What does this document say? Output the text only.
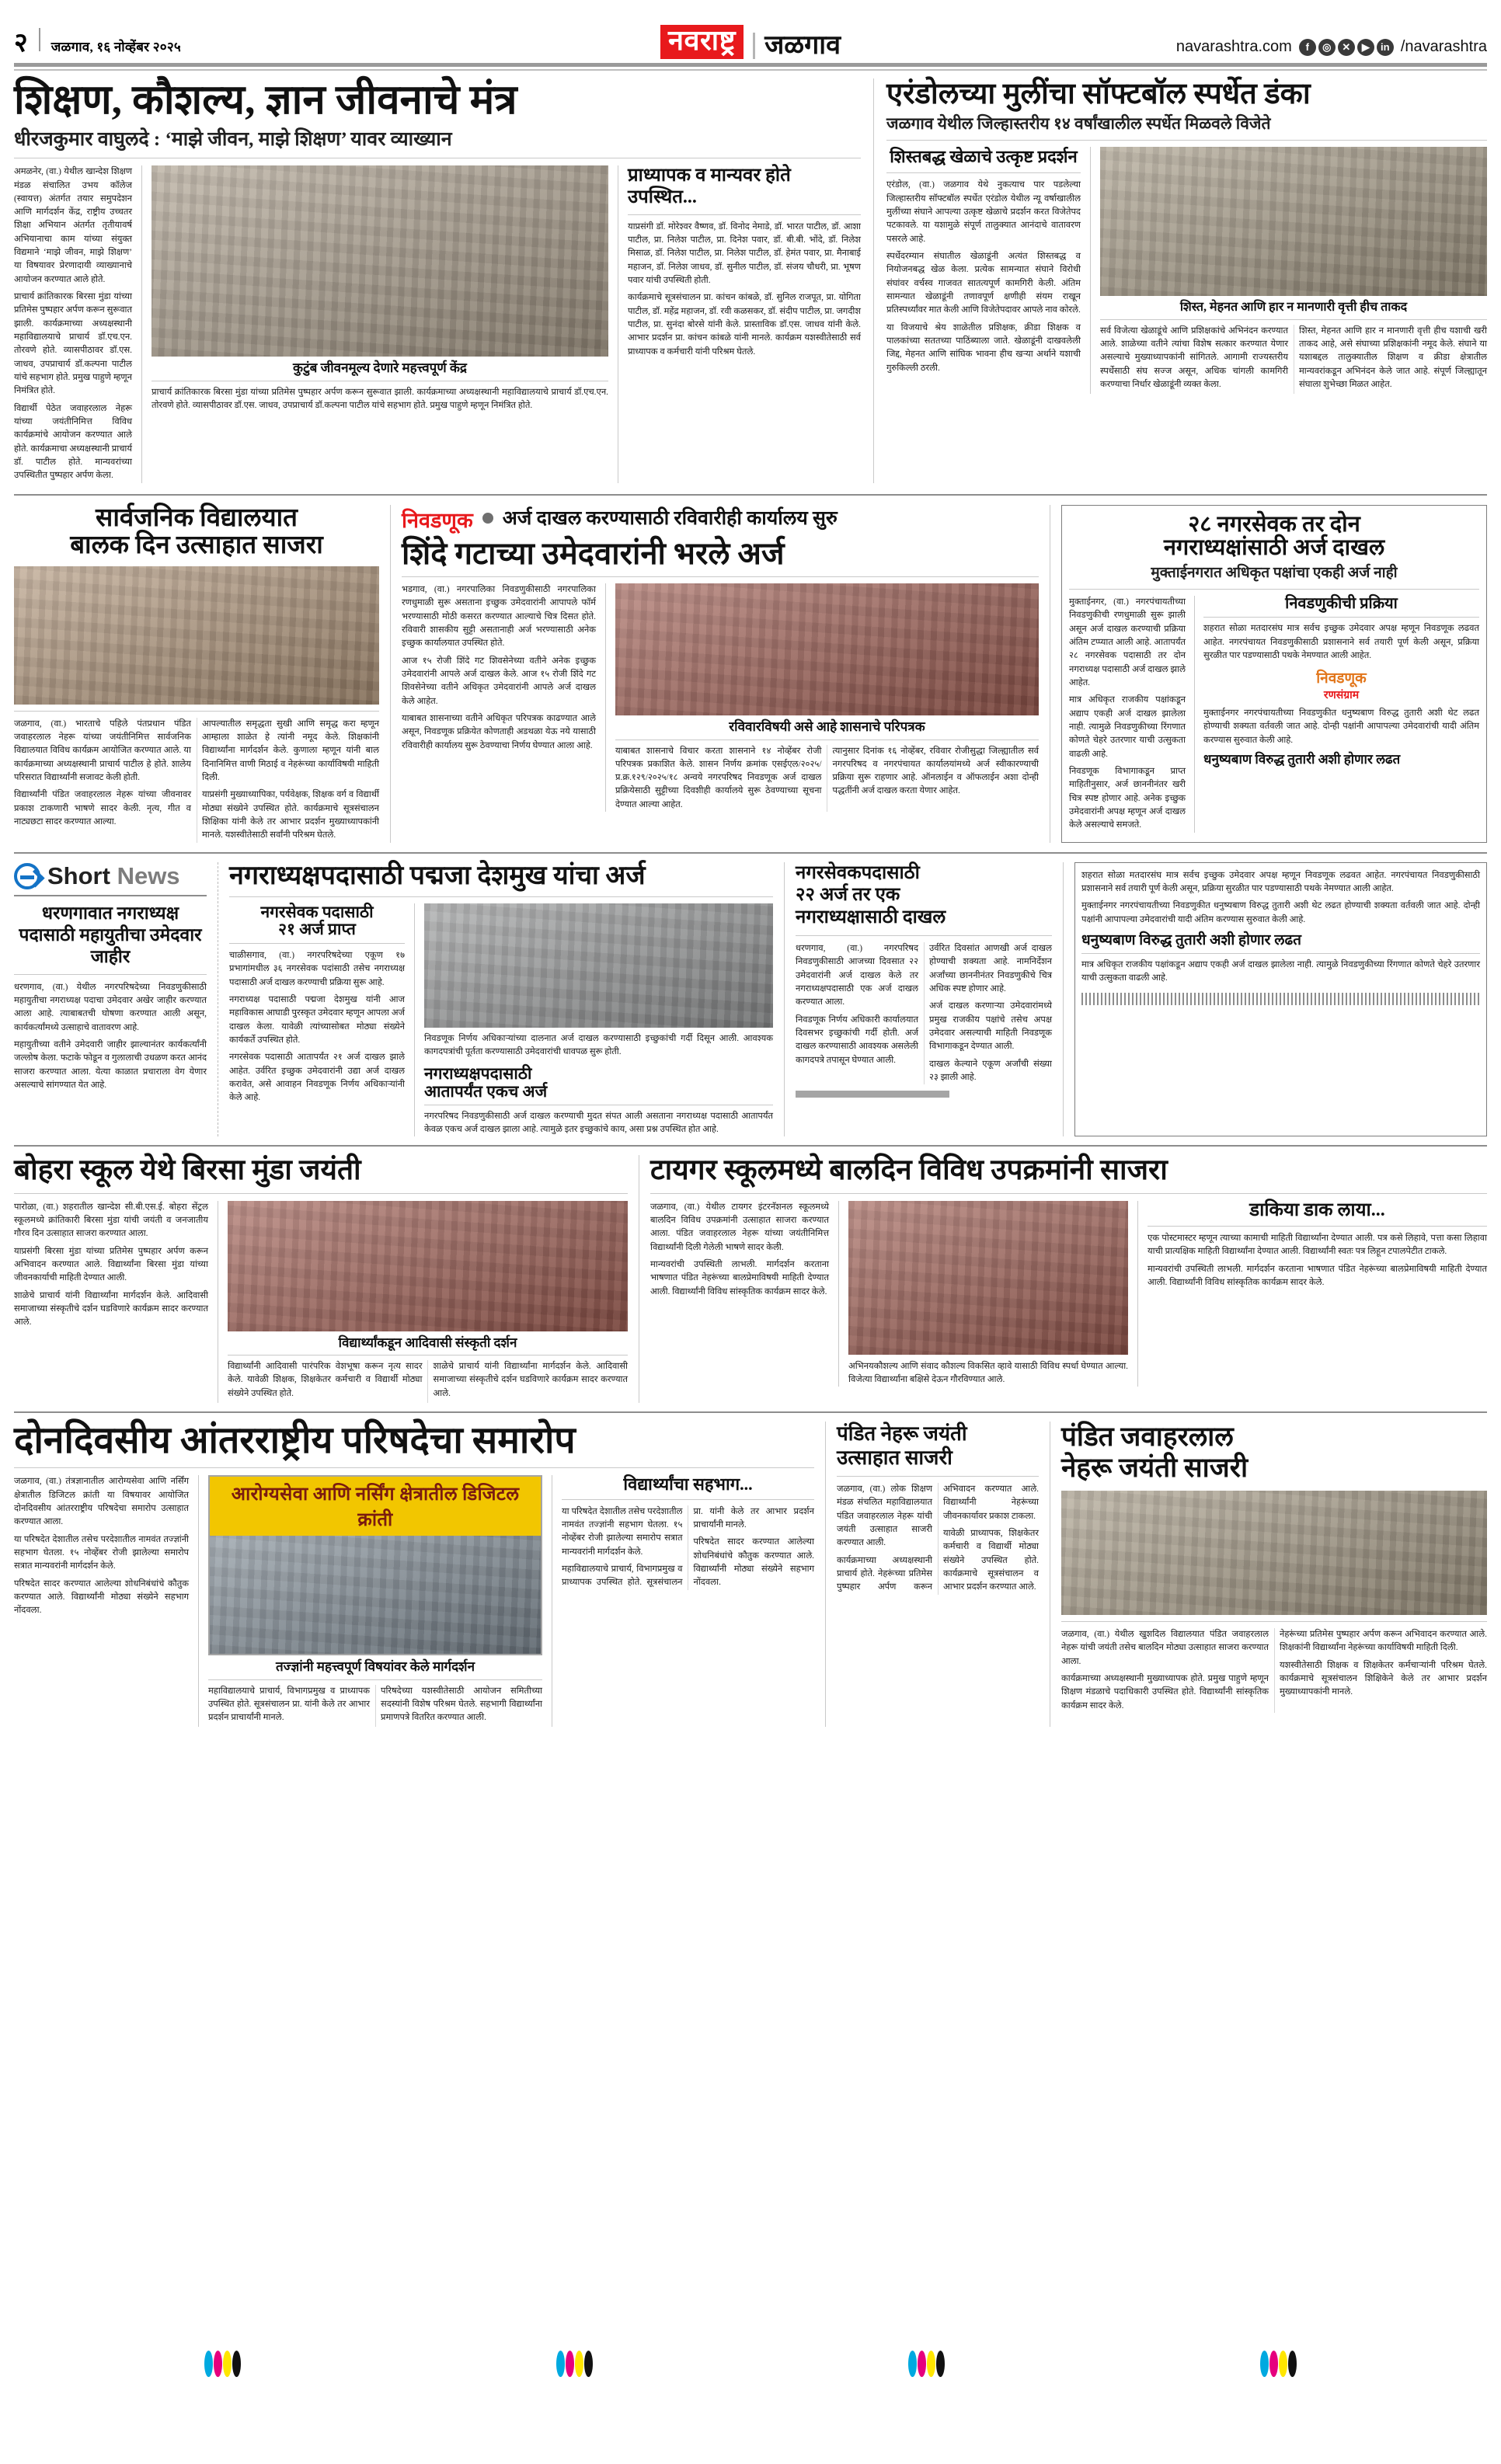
२ जळगाव, १६ नोव्हेंबर २०२५	नवराष्ट्र जळगाव	navarashtra.com	f	◎	✕	▶	in /navarashtra
शिक्षण, कौशल्य, ज्ञान जीवनाचे मंत्र
धीरजकुमार वाघुलदे : ‘माझे जीवन, माझे शिक्षण’ यावर व्याख्यान
अमळनेर, (वा.) येथील खान्देश शिक्षण मंडळ संचालित उभय कॉलेज (स्वायत्त) अंतर्गत तयार समुपदेशन आणि मार्गदर्शन केंद्र, राष्ट्रीय उच्चतर शिक्षा अभियान अंतर्गत तृतीयावर्ष अभियानाचा काम यांच्या संयुक्त विद्यमाने ‘माझे जीवन, माझे शिक्षण’ या विषयावर प्रेरणादायी व्याख्यानाचे आयोजन करण्यात आले होते.
प्राचार्य क्रांतिकारक बिरसा मुंडा यांच्या प्रतिमेस पुष्पहार अर्पण करून सुरूवात झाली. कार्यक्रमाच्या अध्यक्षस्थानी महाविद्यालयाचे प्राचार्य डॉ.एच.एन. तोरवणे होते. व्यासपीठावर डॉ.एस. जाधव, उपप्राचार्य डॉ.कल्पना पाटील यांचे सहभाग होते. प्रमुख पाहुणे म्हणून निमंत्रित होते.
विद्यार्थी पेठेत जवाहरलाल नेहरू यांच्या जयंतीनिमित्त विविध कार्यक्रमांचे आयोजन करण्यात आले होते. कार्यक्रमाचा अध्यक्षस्थानी प्राचार्य डॉ. पाटील होते. मान्यवरांच्या उपस्थितीत पुष्पहार अर्पण केला.
कुटुंब जीवनमूल्य देणारे महत्त्वपूर्ण केंद्र
प्राचार्य क्रांतिकारक बिरसा मुंडा यांच्या प्रतिमेस पुष्पहार अर्पण करून सुरूवात झाली. कार्यक्रमाच्या अध्यक्षस्थानी महाविद्यालयाचे प्राचार्य डॉ.एच.एन. तोरवणे होते. व्यासपीठावर डॉ.एस. जाधव, उपप्राचार्य डॉ.कल्पना पाटील यांचे सहभाग होते. प्रमुख पाहुणे म्हणून निमंत्रित होते.
प्राध्यापक व मान्यवर होते उपस्थित...
याप्रसंगी डॉ. मोरेश्वर वैष्णव, डॉ. विनोद नेमाडे, डॉ. भारत पाटील, डॉ. आशा पाटील, प्रा. निलेश पाटील, प्रा. दिनेश पवार, डॉ. बी.बी. भोंदे, डॉ. निलेश मिसाळ, डॉ. निलेश पाटील, प्रा. निलेश पाटील, डॉ. हेमंत पवार, प्रा. मैनाबाई महाजन, डॉ. निलेश जाधव, डॉ. सुनील पाटील, डॉ. संजय चौधरी, प्रा. भूषण पवार यांची उपस्थिती होती.
कार्यक्रमाचे सूत्रसंचालन प्रा. कांचन कांबळे, डॉ. सुनिल राजपूत, प्रा. योगिता पाटील, डॉ. महेंद्र महाजन, डॉ. रवी कळसकर, डॉ. संदीप पाटील, प्रा. जगदीश पाटील, प्रा. सुनंदा बोरसे यांनी केले. प्रास्ताविक डॉ.एस. जाधव यांनी केले. आभार प्रदर्शन प्रा. कांचन कांबळे यांनी मानले. कार्यक्रम यशस्वीतेसाठी सर्व प्राध्यापक व कर्मचारी यांनी परिश्रम घेतले.
एरंडोलच्या मुलींचा सॉफ्टबॉल स्पर्धेत डंका
जळगाव येथील जिल्हास्तरीय १४ वर्षांखालील स्पर्धेत मिळवले विजेते
शिस्तबद्ध खेळाचे उत्कृष्ट प्रदर्शन
एरंडोल, (वा.) जळगाव येथे नुकत्याच पार पडलेल्या जिल्हास्तरीय सॉफ्टबॉल स्पर्धेत एरंडोल येथील न्यू वर्षाखालील मुलींच्या संघाने आपल्या उत्कृष्ट खेळाचे प्रदर्शन करत विजेतेपद पटकावले. या यशामुळे संपूर्ण तालुक्यात आनंदाचे वातावरण पसरले आहे.
स्पर्धेदरम्यान संघातील खेळाडूंनी अत्यंत शिस्तबद्ध व नियोजनबद्ध खेळ केला. प्रत्येक सामन्यात संघाने विरोधी संघांवर वर्चस्व गाजवत सातत्यपूर्ण कामगिरी केली. अंतिम सामन्यात खेळाडूंनी तणावपूर्ण क्षणीही संयम राखून प्रतिस्पर्ध्यांवर मात केली आणि विजेतेपदावर आपले नाव कोरले.
या विजयाचे श्रेय शाळेतील प्रशिक्षक, क्रीडा शिक्षक व पालकांच्या सततच्या पाठिंब्याला जाते. खेळाडूंनी दाखवलेली जिद्द, मेहनत आणि सांघिक भावना हीच खऱ्या अर्थाने यशाची गुरुकिल्ली ठरली.
शिस्त, मेहनत आणि हार न मानणारी वृत्ती हीच ताकद
सर्व विजेत्या खेळाडूंचे आणि प्रशिक्षकांचे अभिनंदन करण्यात आले. शाळेच्या वतीने त्यांचा विशेष सत्कार करण्यात येणार असल्याचे मुख्याध्यापकांनी सांगितले. आगामी राज्यस्तरीय स्पर्धेसाठी संघ सज्ज असून, अधिक चांगली कामगिरी करण्याचा निर्धार खेळाडूंनी व्यक्त केला.
शिस्त, मेहनत आणि हार न मानणारी वृत्ती हीच यशाची खरी ताकद आहे, असे संघाच्या प्रशिक्षकांनी नमूद केले. संघाने या यशाबद्दल तालुक्यातील शिक्षण व क्रीडा क्षेत्रातील मान्यवरांकडून अभिनंदन केले जात आहे. संपूर्ण जिल्ह्यातून संघाला शुभेच्छा मिळत आहेत.
सार्वजनिक विद्यालयात
बालक दिन उत्साहात साजरा
जळगाव, (वा.) भारताचे पहिले पंतप्रधान पंडित जवाहरलाल नेहरू यांच्या जयंतीनिमित्त सार्वजनिक विद्यालयात विविध कार्यक्रम आयोजित करण्यात आले. या कार्यक्रमाच्या अध्यक्षस्थानी प्राचार्य पाटील हे होते. शालेय परिसरात विद्यार्थ्यांनी सजावट केली होती.
विद्यार्थ्यांनी पंडित जवाहरलाल नेहरू यांच्या जीवनावर प्रकाश टाकणारी भाषणे सादर केली. नृत्य, गीत व नाट्यछटा सादर करण्यात आल्या.
आपल्यातील समृद्धता सुखी आणि समृद्ध करा म्हणून आम्हाला शाळेत हे त्यांनी नमूद केले. शिक्षकांनी विद्यार्थ्यांना मार्गदर्शन केले. कुणाला म्हणून यांनी बाल दिनानिमित्त वाणी मिठाई व नेहरूंच्या कार्याविषयी माहिती दिली.
याप्रसंगी मुख्याध्यापिका, पर्यवेक्षक, शिक्षक वर्ग व विद्यार्थी मोठ्या संख्येने उपस्थित होते. कार्यक्रमाचे सूत्रसंचालन शिक्षिका यांनी केले तर आभार प्रदर्शन मुख्याध्यापकांनी मानले. यशस्वीतेसाठी सर्वांनी परिश्रम घेतले.
निवडणूक अर्ज दाखल करण्यासाठी रविवारीही कार्यालय सुरु
शिंदे गटाच्या उमेदवारांनी भरले अर्ज
भडगाव, (वा.) नगरपालिका निवडणुकीसाठी नगरपालिका रणधुमाळी सुरू असताना इच्छुक उमेदवारांनी आपापले फॉर्म भरण्यासाठी मोठी कसरत करण्यात आल्याचे चित्र दिसत होते. रविवारी शासकीय सुट्टी असतानाही अर्ज भरण्यासाठी अनेक इच्छुक कार्यालयात उपस्थित होते.
आज १५ रोजी शिंदे गट शिवसेनेच्या वतीने अनेक इच्छुक उमेदवारांनी आपले अर्ज दाखल केले. आज १५ रोजी शिंदे गट शिवसेनेच्या वतीने अधिकृत उमेदवारांनी आपले अर्ज दाखल केले आहेत.
याबाबत शासनाच्या वतीने अधिकृत परिपत्रक काढण्यात आले असून, निवडणूक प्रक्रियेत कोणताही अडथळा येऊ नये यासाठी रविवारीही कार्यालय सुरू ठेवण्याचा निर्णय घेण्यात आला आहे.
रविवारविषयी असे आहे शासनाचे परिपत्रक
याबाबत शासनाचे विचार करता शासनाने १४ नोव्हेंबर रोजी परिपत्रक प्रकाशित केले. शासन निर्णय क्रमांक एसईएल/२०२५/प्र.क्र.१२९/२०२५/१८ अन्वये नगरपरिषद निवडणूक अर्ज दाखल प्रक्रियेसाठी सुट्टीच्या दिवशीही कार्यालये सुरू ठेवण्याच्या सूचना देण्यात आल्या आहेत.
त्यानुसार दिनांक १६ नोव्हेंबर, रविवार रोजीसुद्धा जिल्ह्यातील सर्व नगरपरिषद व नगरपंचायत कार्यालयांमध्ये अर्ज स्वीकारण्याची प्रक्रिया सुरू राहणार आहे. ऑनलाईन व ऑफलाईन अशा दोन्ही पद्धतींनी अर्ज दाखल करता येणार आहेत.
२८ नगरसेवक तर दोन
नगराध्यक्षांसाठी अर्ज दाखल
मुक्ताईनगरात अधिकृत पक्षांचा एकही अर्ज नाही
मुक्ताईनगर, (वा.) नगरपंचायतीच्या निवडणुकीची रणधुमाळी सुरू झाली असून अर्ज दाखल करण्याची प्रक्रिया अंतिम टप्प्यात आली आहे. आतापर्यंत २८ नगरसेवक पदासाठी तर दोन नगराध्यक्ष पदासाठी अर्ज दाखल झाले आहेत.
मात्र अधिकृत राजकीय पक्षांकडून अद्याप एकही अर्ज दाखल झालेला नाही. त्यामुळे निवडणुकीच्या रिंगणात कोणते चेहरे उतरणार याची उत्सुकता वाढली आहे.
निवडणूक विभागाकडून प्राप्त माहितीनुसार, अर्ज छाननीनंतर खरी चित्र स्पष्ट होणार आहे. अनेक इच्छुक उमेदवारांनी अपक्ष म्हणून अर्ज दाखल केले असल्याचे समजते.
निवडणुकीची प्रक्रिया
शहरात सोळा मतदारसंघ मात्र सर्वच इच्छुक उमेदवार अपक्ष म्हणून निवडणूक लढवत आहेत. नगरपंचायत निवडणुकीसाठी प्रशासनाने सर्व तयारी पूर्ण केली असून, प्रक्रिया सुरळीत पार पडण्यासाठी पथके नेमण्यात आली आहेत.
निवडणूक
रणसंग्राम
मुक्ताईनगर नगरपंचायतीच्या निवडणुकीत धनुष्यबाण विरुद्ध तुतारी अशी थेट लढत होण्याची शक्यता वर्तवली जात आहे. दोन्ही पक्षांनी आपापल्या उमेदवारांची यादी अंतिम करण्यास सुरुवात केली आहे.
धनुष्यबाण विरुद्ध तुतारी अशी होणार लढत
Short News
धरणगावात नगराध्यक्ष पदासाठी महायुतीचा उमेदवार जाहीर
धरणगाव, (वा.) येथील नगरपरिषदेच्या निवडणुकीसाठी महायुतीचा नगराध्यक्ष पदाचा उमेदवार अखेर जाहीर करण्यात आला आहे. त्याबाबतची घोषणा करण्यात आली असून, कार्यकर्त्यांमध्ये उत्साहाचे वातावरण आहे.
महायुतीच्या वतीने उमेदवारी जाहीर झाल्यानंतर कार्यकर्त्यांनी जल्लोष केला. फटाके फोडून व गुलालाची उधळण करत आनंद साजरा करण्यात आला. येत्या काळात प्रचाराला वेग येणार असल्याचे सांगण्यात येत आहे.
नगराध्यक्षपदासाठी पद्मजा देशमुख यांचा अर्ज
नगरसेवक पदासाठी
२१ अर्ज प्राप्त
चाळीसगाव, (वा.) नगरपरिषदेच्या एकूण १७ प्रभागांमधील ३६ नगरसेवक पदांसाठी तसेच नगराध्यक्ष पदासाठी अर्ज दाखल करण्याची प्रक्रिया सुरू आहे.
नगराध्यक्ष पदासाठी पद्मजा देशमुख यांनी आज महाविकास आघाडी पुरस्कृत उमेदवार म्हणून आपला अर्ज दाखल केला. यावेळी त्यांच्यासोबत मोठ्या संख्येने कार्यकर्ते उपस्थित होते.
नगरसेवक पदासाठी आतापर्यंत २१ अर्ज दाखल झाले आहेत. उर्वरित इच्छुक उमेदवारांनी उद्या अर्ज दाखल करावेत, असे आवाहन निवडणूक निर्णय अधिकाऱ्यांनी केले आहे.
निवडणूक निर्णय अधिकाऱ्यांच्या दालनात अर्ज दाखल करण्यासाठी इच्छुकांची गर्दी दिसून आली. आवश्यक कागदपत्रांची पूर्तता करण्यासाठी उमेदवारांची धावपळ सुरू होती.
नगराध्यक्षपदासाठी
आतापर्यंत एकच अर्ज
नगरपरिषद निवडणुकीसाठी अर्ज दाखल करण्याची मुदत संपत आली असताना नगराध्यक्ष पदासाठी आतापर्यंत केवळ एकच अर्ज दाखल झाला आहे. त्यामुळे इतर इच्छुकांचे काय, असा प्रश्न उपस्थित होत आहे.
नगरसेवकपदासाठी
२२ अर्ज तर एक
नगराध्यक्षासाठी दाखल
धरणगाव, (वा.) नगरपरिषद निवडणुकीसाठी आजच्या दिवसात २२ उमेदवारांनी अर्ज दाखल केले तर नगराध्यक्षपदासाठी एक अर्ज दाखल करण्यात आला.
निवडणूक निर्णय अधिकारी कार्यालयात दिवसभर इच्छुकांची गर्दी होती. अर्ज दाखल करण्यासाठी आवश्यक असलेली कागदपत्रे तपासून घेण्यात आली.
उर्वरित दिवसांत आणखी अर्ज दाखल होण्याची शक्यता आहे. नामनिर्देशन अर्जांच्या छाननीनंतर निवडणुकीचे चित्र अधिक स्पष्ट होणार आहे.
अर्ज दाखल करणाऱ्या उमेदवारांमध्ये प्रमुख राजकीय पक्षांचे तसेच अपक्ष उमेदवार असल्याची माहिती निवडणूक विभागाकडून देण्यात आली.
दाखल केल्याने एकूण अर्जांची संख्या २३ झाली आहे.
शहरात सोळा मतदारसंघ मात्र सर्वच इच्छुक उमेदवार अपक्ष म्हणून निवडणूक लढवत आहेत. नगरपंचायत निवडणुकीसाठी प्रशासनाने सर्व तयारी पूर्ण केली असून, प्रक्रिया सुरळीत पार पडण्यासाठी पथके नेमण्यात आली आहेत.
मुक्ताईनगर नगरपंचायतीच्या निवडणुकीत धनुष्यबाण विरुद्ध तुतारी अशी थेट लढत होण्याची शक्यता वर्तवली जात आहे. दोन्ही पक्षांनी आपापल्या उमेदवारांची यादी अंतिम करण्यास सुरुवात केली आहे.
धनुष्यबाण विरुद्ध तुतारी अशी होणार लढत
मात्र अधिकृत राजकीय पक्षांकडून अद्याप एकही अर्ज दाखल झालेला नाही. त्यामुळे निवडणुकीच्या रिंगणात कोणते चेहरे उतरणार याची उत्सुकता वाढली आहे.
बोहरा स्कूल येथे बिरसा मुंडा जयंती
पारोळा, (वा.) शहरातील खान्देश सी.बी.एस.ई. बोहरा सेंट्रल स्कूलमध्ये क्रांतिकारी बिरसा मुंडा यांची जयंती व जनजातीय गौरव दिन उत्साहात साजरा करण्यात आला.
याप्रसंगी बिरसा मुंडा यांच्या प्रतिमेस पुष्पहार अर्पण करून अभिवादन करण्यात आले. विद्यार्थ्यांना बिरसा मुंडा यांच्या जीवनकार्याची माहिती देण्यात आली.
शाळेचे प्राचार्य यांनी विद्यार्थ्यांना मार्गदर्शन केले. आदिवासी समाजाच्या संस्कृतीचे दर्शन घडविणारे कार्यक्रम सादर करण्यात आले.
विद्यार्थ्यांकडून आदिवासी संस्कृती दर्शन
विद्यार्थ्यांनी आदिवासी पारंपरिक वेशभूषा करून नृत्य सादर केले. यावेळी शिक्षक, शिक्षकेतर कर्मचारी व विद्यार्थी मोठ्या संख्येने उपस्थित होते.
शाळेचे प्राचार्य यांनी विद्यार्थ्यांना मार्गदर्शन केले. आदिवासी समाजाच्या संस्कृतीचे दर्शन घडविणारे कार्यक्रम सादर करण्यात आले.
टायगर स्कूलमध्ये बालदिन विविध उपक्रमांनी साजरा
जळगाव, (वा.) येथील टायगर इंटरनॅशनल स्कूलमध्ये बालदिन विविध उपक्रमांनी उत्साहात साजरा करण्यात आला. पंडित जवाहरलाल नेहरू यांच्या जयंतीनिमित्त विद्यार्थ्यांनी दिली गेलेली भाषणे सादर केली.
मान्यवरांची उपस्थिती लाभली. मार्गदर्शन करताना भाषणात पंडित नेहरूंच्या बालप्रेमाविषयी माहिती देण्यात आली. विद्यार्थ्यांनी विविध सांस्कृतिक कार्यक्रम सादर केले.
अभिनयकौशल्य आणि संवाद कौशल्य विकसित व्हावे यासाठी विविध स्पर्धा घेण्यात आल्या. विजेत्या विद्यार्थ्यांना बक्षिसे देऊन गौरविण्यात आले.
डाकिया डाक लाया...
एक पोस्टमास्टर म्हणून त्याच्या कामाची माहिती विद्यार्थ्यांना देण्यात आली. पत्र कसे लिहावे, पत्ता कसा लिहावा याची प्रात्यक्षिक माहिती विद्यार्थ्यांना देण्यात आली. विद्यार्थ्यांनी स्वतः पत्र लिहून टपालपेटीत टाकले.
मान्यवरांची उपस्थिती लाभली. मार्गदर्शन करताना भाषणात पंडित नेहरूंच्या बालप्रेमाविषयी माहिती देण्यात आली. विद्यार्थ्यांनी विविध सांस्कृतिक कार्यक्रम सादर केले.
दोनदिवसीय आंतरराष्ट्रीय परिषदेचा समारोप
जळगाव, (वा.) तंत्रज्ञानातील आरोग्यसेवा आणि नर्सिंग क्षेत्रातील डिजिटल क्रांती या विषयावर आयोजित दोनदिवसीय आंतरराष्ट्रीय परिषदेचा समारोप उत्साहात करण्यात आला.
या परिषदेत देशातील तसेच परदेशातील नामवंत तज्ज्ञांनी सहभाग घेतला. १५ नोव्हेंबर रोजी झालेल्या समारोप सत्रात मान्यवरांनी मार्गदर्शन केले.
परिषदेत सादर करण्यात आलेल्या शोधनिबंधांचे कौतुक करण्यात आले. विद्यार्थ्यांनी मोठ्या संख्येने सहभाग नोंदवला.
आरोग्यसेवा आणि नर्सिंग क्षेत्रातील डिजिटल क्रांती
तज्ज्ञांनी महत्त्वपूर्ण विषयांवर केले मार्गदर्शन
महाविद्यालयाचे प्राचार्य, विभागप्रमुख व प्राध्यापक उपस्थित होते. सूत्रसंचालन प्रा. यांनी केले तर आभार प्रदर्शन प्राचार्यांनी मानले.
परिषदेच्या यशस्वीतेसाठी आयोजन समितीच्या सदस्यांनी विशेष परिश्रम घेतले. सहभागी विद्यार्थ्यांना प्रमाणपत्रे वितरित करण्यात आली.
विद्यार्थ्यांचा सहभाग...
या परिषदेत देशातील तसेच परदेशातील नामवंत तज्ज्ञांनी सहभाग घेतला. १५ नोव्हेंबर रोजी झालेल्या समारोप सत्रात मान्यवरांनी मार्गदर्शन केले.
महाविद्यालयाचे प्राचार्य, विभागप्रमुख व प्राध्यापक उपस्थित होते. सूत्रसंचालन प्रा. यांनी केले तर आभार प्रदर्शन प्राचार्यांनी मानले.
परिषदेत सादर करण्यात आलेल्या शोधनिबंधांचे कौतुक करण्यात आले. विद्यार्थ्यांनी मोठ्या संख्येने सहभाग नोंदवला.
पंडित नेहरू जयंती
उत्साहात साजरी
जळगाव, (वा.) लोक शिक्षण मंडळ संचलित महाविद्यालयात पंडित जवाहरलाल नेहरू यांची जयंती उत्साहात साजरी करण्यात आली.
कार्यक्रमाच्या अध्यक्षस्थानी प्राचार्य होते. नेहरूंच्या प्रतिमेस पुष्पहार अर्पण करून अभिवादन करण्यात आले. विद्यार्थ्यांनी नेहरूंच्या जीवनकार्यावर प्रकाश टाकला.
यावेळी प्राध्यापक, शिक्षकेतर कर्मचारी व विद्यार्थी मोठ्या संख्येने उपस्थित होते. कार्यक्रमाचे सूत्रसंचालन व आभार प्रदर्शन करण्यात आले.
पंडित जवाहरलाल
नेहरू जयंती साजरी
जळगाव, (वा.) येथील खुशदिल विद्यालयात पंडित जवाहरलाल नेहरू यांची जयंती तसेच बालदिन मोठ्या उत्साहात साजरा करण्यात आला.
कार्यक्रमाच्या अध्यक्षस्थानी मुख्याध्यापक होते. प्रमुख पाहुणे म्हणून शिक्षण मंडळाचे पदाधिकारी उपस्थित होते. विद्यार्थ्यांनी सांस्कृतिक कार्यक्रम सादर केले.
नेहरूंच्या प्रतिमेस पुष्पहार अर्पण करून अभिवादन करण्यात आले. शिक्षकांनी विद्यार्थ्यांना नेहरूंच्या कार्याविषयी माहिती दिली.
यशस्वीतेसाठी शिक्षक व शिक्षकेतर कर्मचाऱ्यांनी परिश्रम घेतले. कार्यक्रमाचे सूत्रसंचालन शिक्षिकेने केले तर आभार प्रदर्शन मुख्याध्यापकांनी मानले.
